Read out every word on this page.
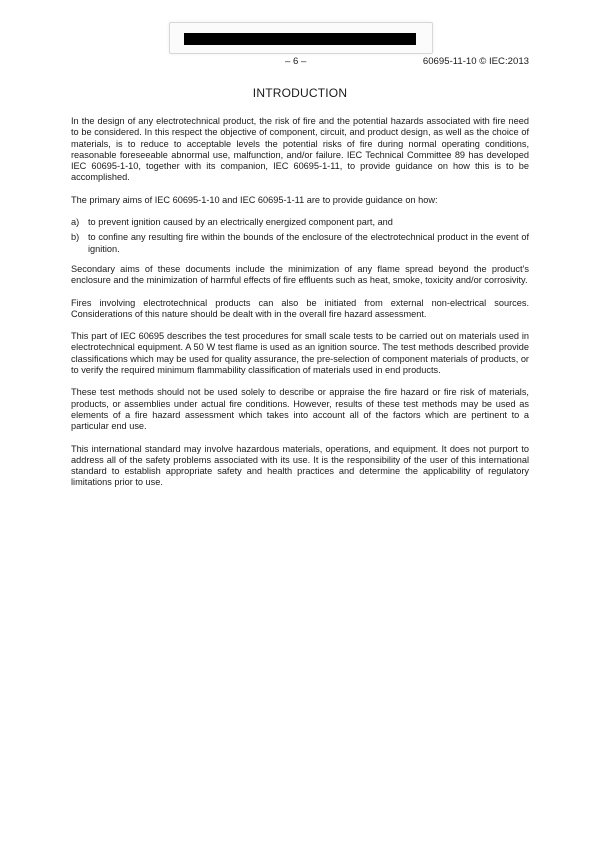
– 6 –	60695-11-10 © IEC:2013
INTRODUCTION

In the design of any electrotechnical product, the risk of fire and the potential hazards associated with fire need to be considered. In this respect the objective of component, circuit, and product design, as well as the choice of materials, is to reduce to acceptable levels the potential risks of fire during normal operating conditions, reasonable foreseeable abnormal use, malfunction, and/or failure. IEC Technical Committee 89 has developed IEC 60695-1-10, together with its companion, IEC 60695-1-11, to provide guidance on how this is to be accomplished.

The primary aims of IEC 60695-1-10 and IEC 60695-1-11 are to provide guidance on how:

a) to prevent ignition caused by an electrically energized component part, and
b) to confine any resulting fire within the bounds of the enclosure of the electrotechnical product in the event of ignition.

Secondary aims of these documents include the minimization of any flame spread beyond the product’s enclosure and the minimization of harmful effects of fire effluents such as heat, smoke, toxicity and/or corrosivity.

Fires involving electrotechnical products can also be initiated from external non-electrical sources. Considerations of this nature should be dealt with in the overall fire hazard assessment.

This part of IEC 60695 describes the test procedures for small scale tests to be carried out on materials used in electrotechnical equipment. A 50 W test flame is used as an ignition source. The test methods described provide classifications which may be used for quality assurance, the pre-selection of component materials of products, or to verify the required minimum flammability classification of materials used in end products.

These test methods should not be used solely to describe or appraise the fire hazard or fire risk of materials, products, or assemblies under actual fire conditions. However, results of these test methods may be used as elements of a fire hazard assessment which takes into account all of the factors which are pertinent to a particular end use.

This international standard may involve hazardous materials, operations, and equipment. It does not purport to address all of the safety problems associated with its use. It is the responsibility of the user of this international standard to establish appropriate safety and health practices and determine the applicability of regulatory limitations prior to use.
